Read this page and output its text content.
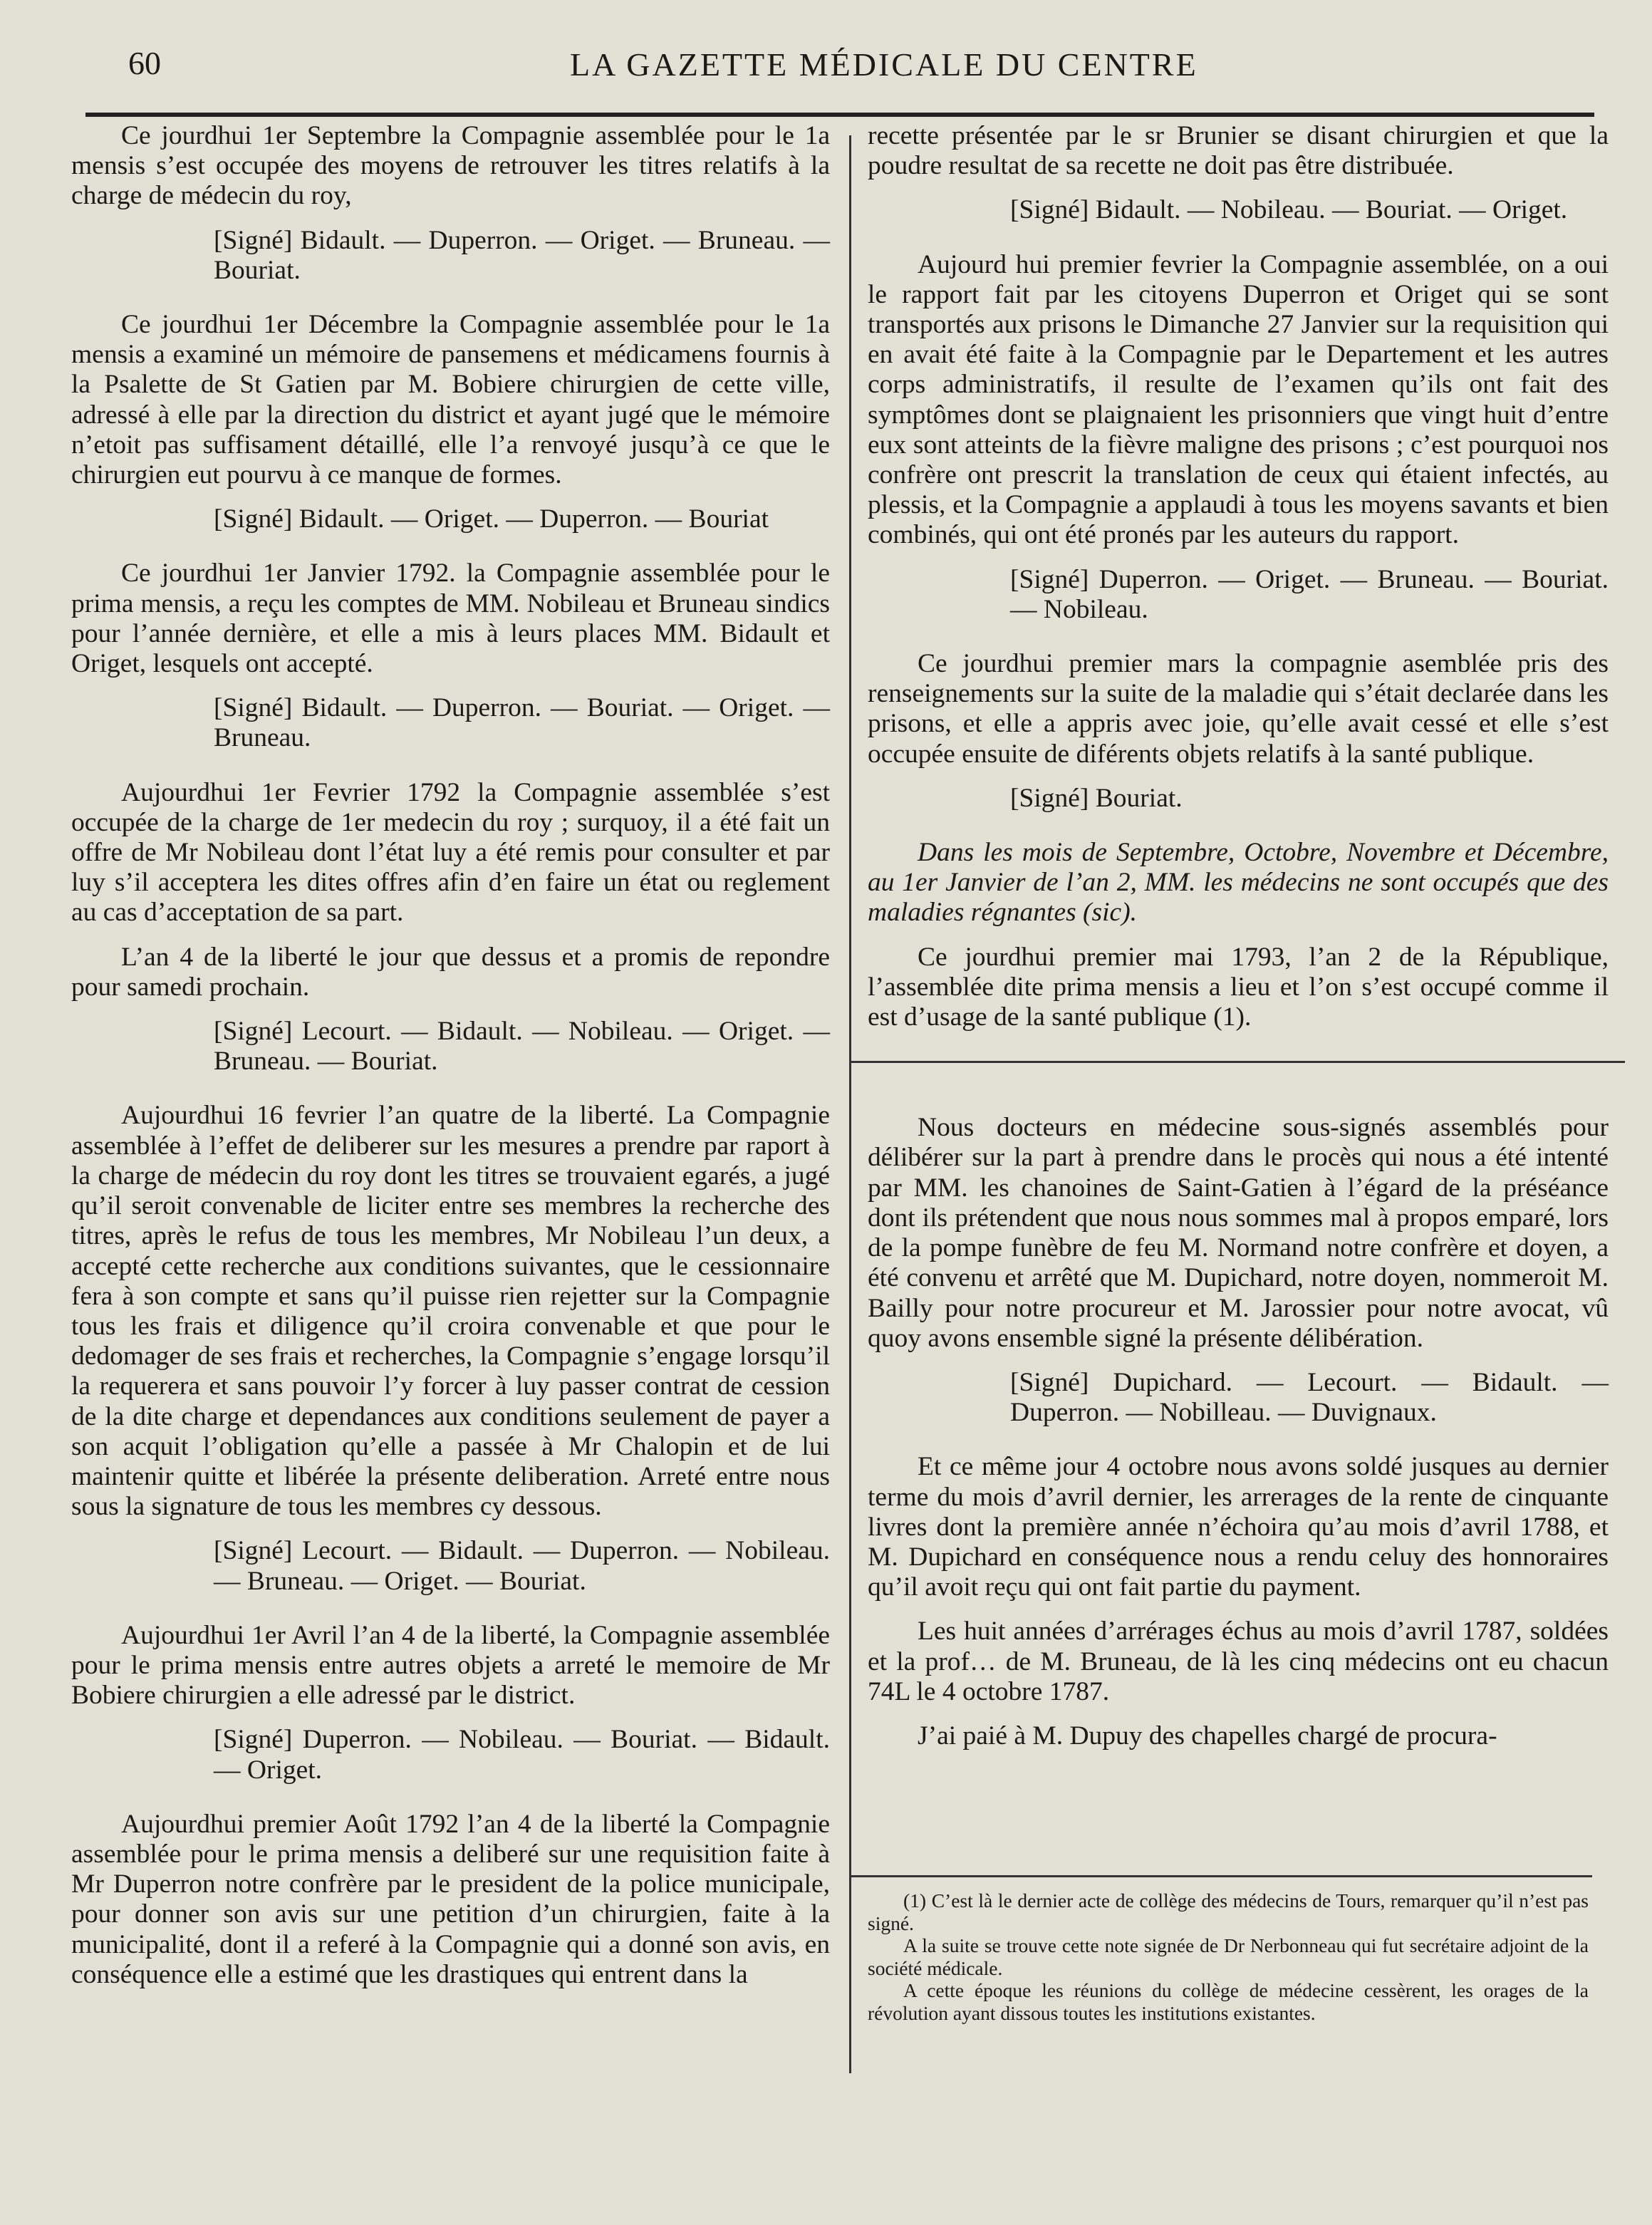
60	LA GAZETTE MÉDICALE DU CENTRE
Ce jourdhui 1er Septembre la Compagnie assemblée pour le 1a mensis s’est occupée des moyens de retrouver les titres relatifs à la charge de médecin du roy,
[Signé] Bidault. — Duperron. — Origet. — Bruneau. — Bouriat.
Ce jourdhui 1er Décembre la Compagnie assemblée pour le 1a mensis a examiné un mémoire de pansemens et médicamens fournis à la Psalette de St Gatien par M. Bobiere chirurgien de cette ville, adressé à elle par la direction du district et ayant jugé que le mémoire n’etoit pas suffisament détaillé, elle l’a renvoyé jusqu’à ce que le chirurgien eut pourvu à ce manque de formes.
[Signé] Bidault. — Origet. — Duperron. — Bouriat
Ce jourdhui 1er Janvier 1792. la Compagnie assemblée pour le prima mensis, a reçu les comptes de MM. Nobileau et Bruneau sindics pour l’année dernière, et elle a mis à leurs places MM. Bidault et Origet, lesquels ont accepté.
[Signé] Bidault. — Duperron. — Bouriat. — Origet. — Bruneau.
Aujourdhui 1er Fevrier 1792 la Compagnie assemblée s’est occupée de la charge de 1er medecin du roy ; surquoy, il a été fait un offre de Mr Nobileau dont l’état luy a été remis pour consulter et par luy s’il acceptera les dites offres afin d’en faire un état ou reglement au cas d’acceptation de sa part.
L’an 4 de la liberté le jour que dessus et a promis de repondre pour samedi prochain.
[Signé] Lecourt. — Bidault. — Nobileau. — Origet. — Bruneau. — Bouriat.
Aujourdhui 16 fevrier l’an quatre de la liberté. La Compagnie assemblée à l’effet de deliberer sur les mesures a prendre par raport à la charge de médecin du roy dont les titres se trouvaient egarés, a jugé qu’il seroit convenable de liciter entre ses membres la recherche des titres, après le refus de tous les membres, Mr Nobileau l’un deux, a accepté cette recherche aux conditions suivantes, que le cessionnaire fera à son compte et sans qu’il puisse rien rejetter sur la Compagnie tous les frais et diligence qu’il croira convenable et que pour le dedomager de ses frais et recherches, la Compagnie s’engage lorsqu’il la requerera et sans pouvoir l’y forcer à luy passer contrat de cession de la dite charge et dependances aux conditions seulement de payer a son acquit l’obligation qu’elle a passée à Mr Chalopin et de lui maintenir quitte et libérée la présente deliberation. Arreté entre nous sous la signature de tous les membres cy dessous.
[Signé] Lecourt. — Bidault. — Duperron. — Nobileau. — Bruneau. — Origet. — Bouriat.
Aujourdhui 1er Avril l’an 4 de la liberté, la Compagnie assemblée pour le prima mensis entre autres objets a arreté le memoire de Mr Bobiere chirurgien a elle adressé par le district.
[Signé] Duperron. — Nobileau. — Bouriat. — Bidault. — Origet.
Aujourdhui premier Août 1792 l’an 4 de la liberté la Compagnie assemblée pour le prima mensis a deliberé sur une requisition faite à Mr Duperron notre confrère par le president de la police municipale, pour donner son avis sur une petition d’un chirurgien, faite à la municipalité, dont il a referé à la Compagnie qui a donné son avis, en conséquence elle a estimé que les drastiques qui entrent dans la
recette présentée par le sr Brunier se disant chirurgien et que la poudre resultat de sa recette ne doit pas être distribuée.
[Signé] Bidault. — Nobileau. — Bouriat. — Origet.
Aujourd hui premier fevrier la Compagnie assemblée, on a oui le rapport fait par les citoyens Duperron et Origet qui se sont transportés aux prisons le Dimanche 27 Janvier sur la requisition qui en avait été faite à la Compagnie par le Departement et les autres corps administratifs, il resulte de l’examen qu’ils ont fait des symptômes dont se plaignaient les prisonniers que vingt huit d’entre eux sont atteints de la fièvre maligne des prisons ; c’est pourquoi nos confrère ont prescrit la translation de ceux qui étaient infectés, au plessis, et la Compagnie a applaudi à tous les moyens savants et bien combinés, qui ont été pronés par les auteurs du rapport.
[Signé] Duperron. — Origet. — Bruneau. — Bouriat. — Nobileau.
Ce jourdhui premier mars la compagnie asemblée pris des renseignements sur la suite de la maladie qui s’était declarée dans les prisons, et elle a appris avec joie, qu’elle avait cessé et elle s’est occupée ensuite de diférents objets relatifs à la santé publique.
[Signé] Bouriat.
Dans les mois de Septembre, Octobre, Novembre et Décembre, au 1er Janvier de l’an 2, MM. les médecins ne sont occupés que des maladies régnantes (sic).
Ce jourdhui premier mai 1793, l’an 2 de la République, l’assemblée dite prima mensis a lieu et l’on s’est occupé comme il est d’usage de la santé publique (1).
Nous docteurs en médecine sous-signés assemblés pour délibérer sur la part à prendre dans le procès qui nous a été intenté par MM. les chanoines de Saint-Gatien à l’égard de la préséance dont ils prétendent que nous nous sommes mal à propos emparé, lors de la pompe funèbre de feu M. Normand notre confrère et doyen, a été convenu et arrêté que M. Dupichard, notre doyen, nommeroit M. Bailly pour notre procureur et M. Jarossier pour notre avocat, vû quoy avons ensemble signé la présente délibération.
[Signé] Dupichard. — Lecourt. — Bidault. — Duperron. — Nobilleau. — Duvignaux.
Et ce même jour 4 octobre nous avons soldé jusques au dernier terme du mois d’avril dernier, les arrerages de la rente de cinquante livres dont la première année n’échoira qu’au mois d’avril 1788, et M. Dupichard en conséquence nous a rendu celuy des honnoraires qu’il avoit reçu qui ont fait partie du payment.
Les huit années d’arrérages échus au mois d’avril 1787, soldées et la prof… de M. Bruneau, de là les cinq médecins ont eu chacun 74L le 4 octobre 1787.
J’ai paié à M. Dupuy des chapelles chargé de procura-

(1) C’est là le dernier acte de collège des médecins de Tours, remarquer qu’il n’est pas signé.

A la suite se trouve cette note signée de Dr Nerbonneau qui fut secrétaire adjoint de la société médicale.

A cette époque les réunions du collège de médecine cessèrent, les orages de la révolution ayant dissous toutes les institutions existantes.
